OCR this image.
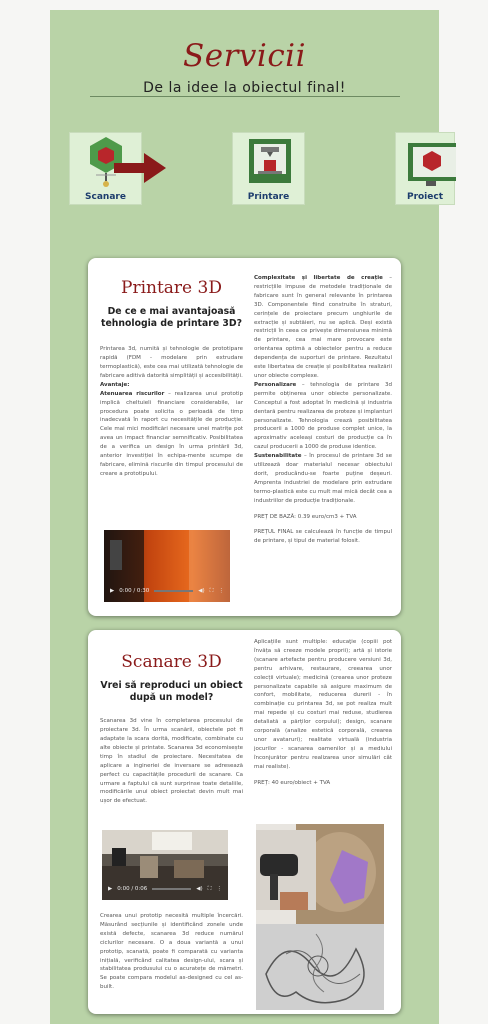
Servicii
De la idee la obiectul final!
Scanare	Printare	Proiect
Printare 3D
De ce e mai avantajoasă tehnologia de printare 3D?
Printarea 3d, numită și tehnologie de prototipare rapidă (FDM - modelare prin extrudare termoplastică), este cea mai utilizată tehnologie de fabricare aditivă datorită simplității și accesibilității.
Avantaje:
Atenuarea riscurilor – realizarea unui prototip implică cheltuieli financiare considerabile, iar procedura poate solicita o perioadă de timp inadecvată în raport cu necesitățile de producție. Cele mai mici modificări necesare unei matrițe pot avea un impact financiar semnificativ. Posibilitatea de a verifica un design în urma printării 3d, anterior investiției în echipa-mente scumpe de fabricare, elimină riscurile din timpul procesului de creare a prototipului.
▶ 0:00 / 0:30	◀) ⛶ ⋮
Complexitate și libertate de creație – restricțiile impuse de metodele tradiționale de fabricare sunt în general relevante în printarea 3D. Componentele fiind construite în straturi, cerințele de proiectare precum unghiurile de extracție și subtăieri, nu se aplică. Deși există restricții în ceea ce privește dimensiunea minimă de printare, cea mai mare provocare este orientarea optimă a obiectelor pentru a reduce dependența de suporturi de printare. Rezultatul este libertatea de creație și posibilitatea realizării unor obiecte complexe.
Personalizare – tehnologia de printare 3d permite obținerea unor obiecte personalizate. Conceptul a fost adoptat în medicină și industria dentară pentru realizarea de proteze și implanturi personalizate. Tehnologia crează posibilitatea producerii a 1000 de produse complet unice, la aproximativ aceleași costuri de producție ca în cazul producerii a 1000 de produse identice.
Sustenabilitate – în procesul de printare 3d se utilizează doar materialul necesar obiectului dorit, producându-se foarte puține deșeuri. Amprenta industriei de modelare prin extrudare termo-plastică este cu mult mai mică decât cea a industriilor de producție tradiționale.
PREȚ DE BAZĂ: 0.39 euro/cm3 + TVA
PREȚUL FINAL se calculează în funcție de timpul de printare, și tipul de material folosit.
Scanare 3D
Vrei să reproduci un obiect după un model?
Scanarea 3d vine în completarea procesului de proiectare 3d. În urma scanării, obiectele pot fi adaptate la scara dorită, modificate, combinate cu alte obiecte și printate. Scanarea 3d economisește timp în stadiul de proiectare. Necesitatea de aplicare a ingineriei de inversare se adresează perfect cu capacitățile procedurii de scanare. Ca urmare a faptului că sunt surprinse toate detaliile, modificările unui obiect proiectat devin mult mai ușor de efectuat.
▶ 0:00 / 0:06	◀) ⛶ ⋮
Crearea unui prototip necesită multiple încercări. Măsurând secțiunile și identificând zonele unde există defecte, scanarea 3d reduce numărul ciclurilor necesare. O a doua variantă a unui prototip, scanată, poate fi comparată cu varianta inițială, verificând calitatea design-ului, scara și stabilitatea produsului cu o acuratețe de mămetri. Se poate compara modelul as-designed cu cel as-built.
Aplicațiile sunt multiple: educaţie (copiii pot învăța să creeze modele proprii); artă și istorie (scanare artefacte pentru producere versiuni 3d, pentru arhivare, restaurare, creearea unor colecții virtuale); medicină (crearea unor proteze personalizate capabile să asigure maximum de confort, mobilitate, reducerea durerii - în combinație cu printarea 3d, se pot realiza mult mai repede și cu costuri mai reduse, studierea detaliată a părților corpului); design, scanare corporală (analize estetică corporală, crearea unor avataruri); realitate virtuală (industria jocurilor - scanarea oamenilor și a mediului înconjurător pentru realizarea unor simulări cât mai realiste).
PREȚ: 40 euro/obiect + TVA
